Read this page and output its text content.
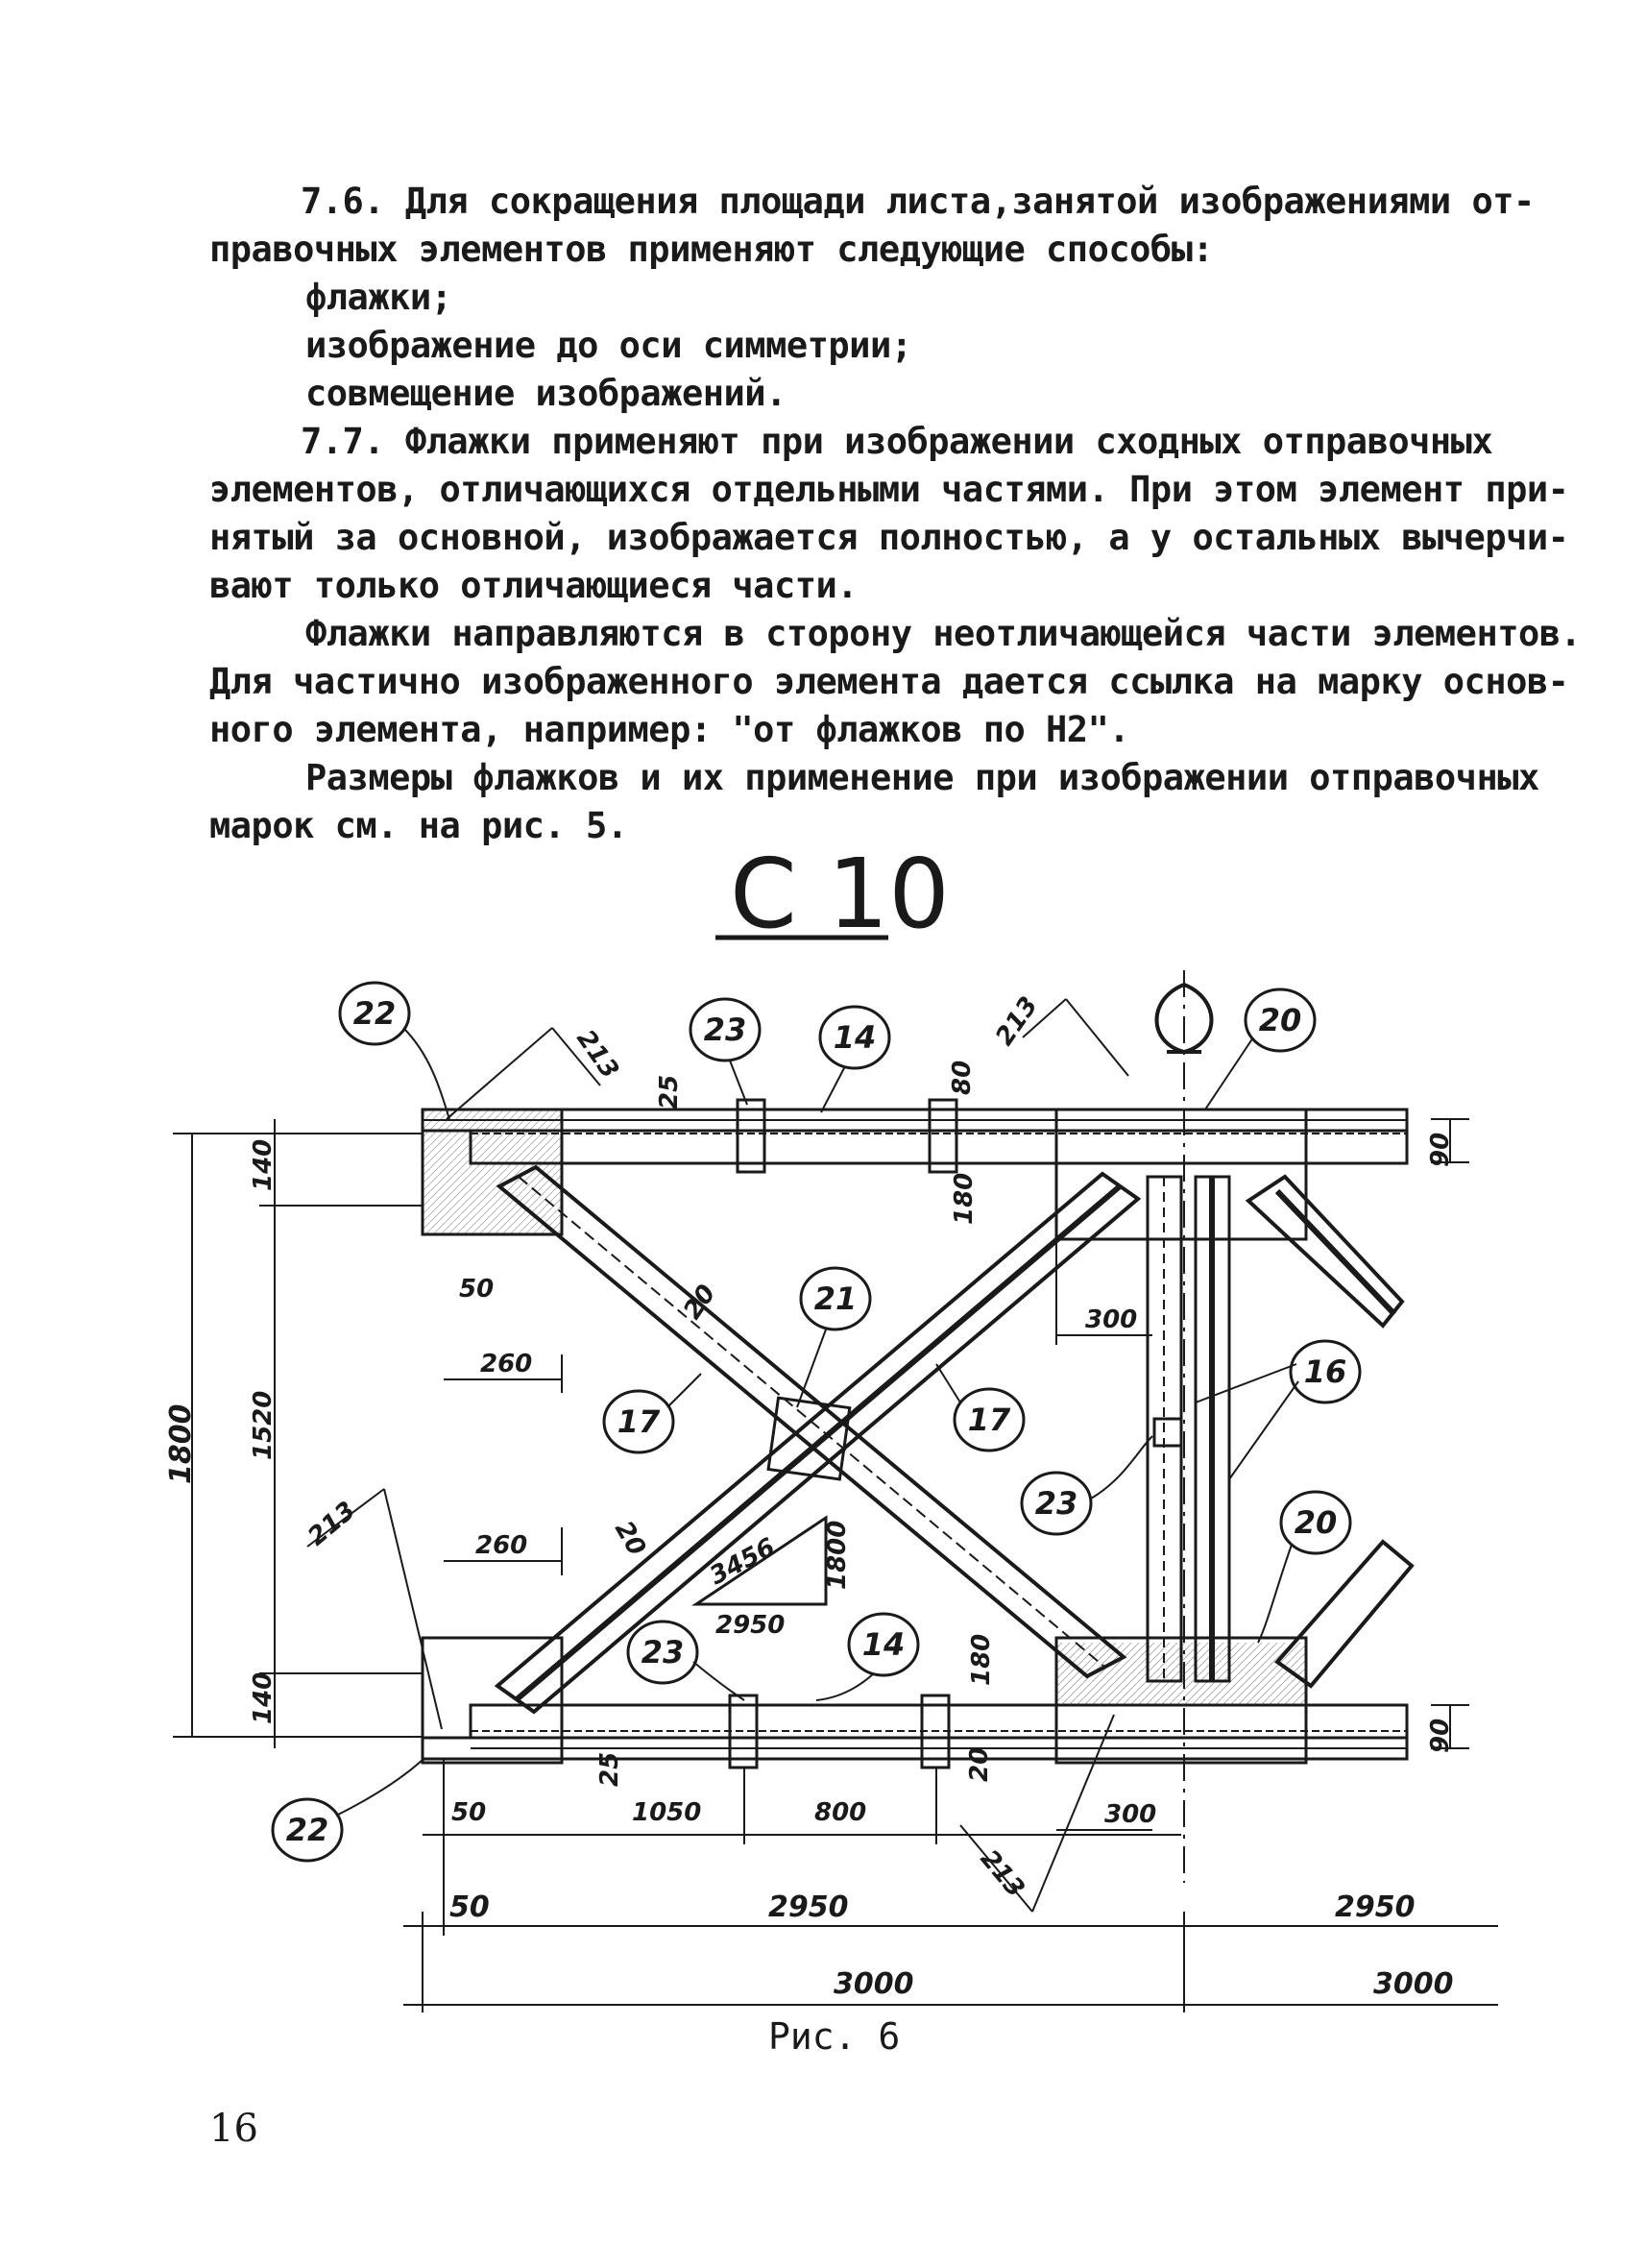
7.6. Для сокращения площади листа,занятой изображениями от-
правочных элементов применяют следующие способы:
флажки;
изображение до оси симметрии;
совмещение изображений.
7.7. Флажки применяют при изображении сходных отправочных
элементов, отличающихся отдельными частями. При этом элемент при-
нятый за основной, изображается полностью, а у остальных вычерчи-
вают только отличающиеся части.
Флажки направляются в сторону неотличающейся части элементов.
Для частично изображенного элемента дается ссылка на марку основ-
ного элемента, например: "от флажков по Н2".
Размеры флажков и их применение при изображении отправочных
марок см. на рис. 5.
С 10
22	23	14	20
21
17	17
16
23
20
23	14
22
213
213
213
213
25
25
80
90
90
140
140
180
180
50
50
260
260
20
20
20
300
300
1800 1520
3456 1800
2950
1050	800
50	2950	2950
3000	3000
Рис. 6
16
